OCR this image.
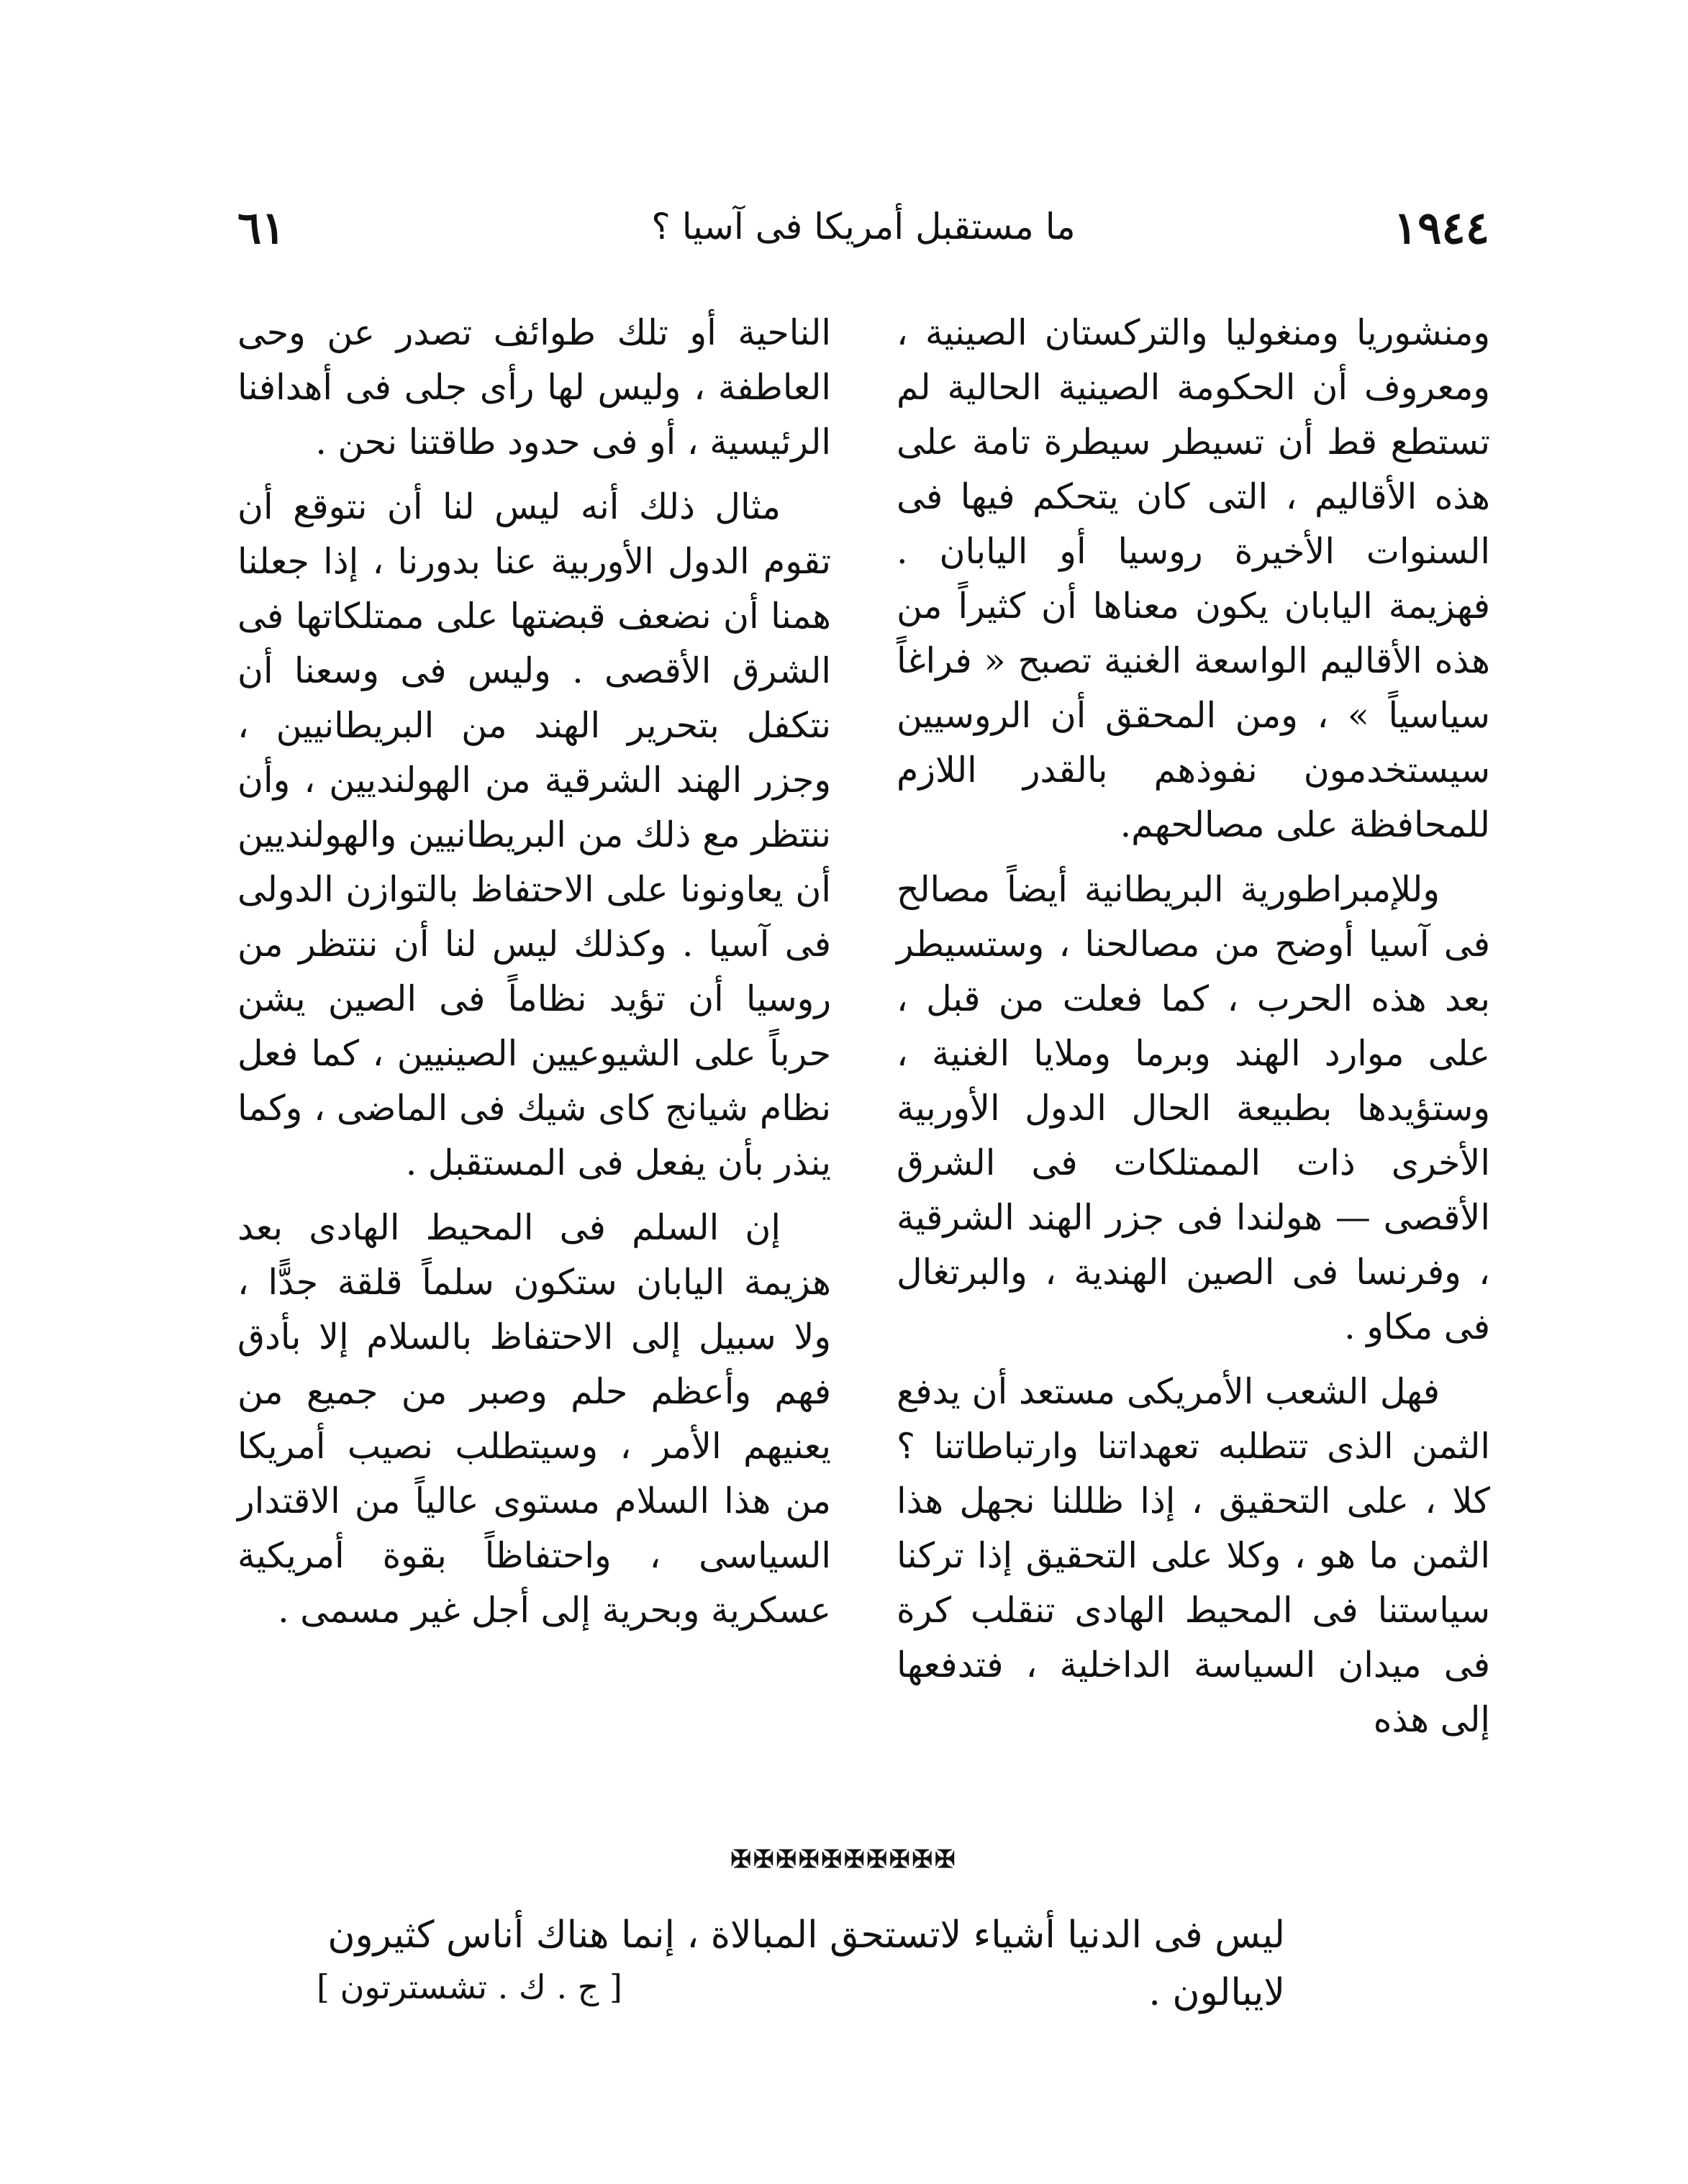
١٩٤٤
ما مستقبل أمريكا فى آسيا ؟
٦١

ومنشوريا ومنغوليا والتركستان الصينية ، ومعروف أن الحكومة الصينية الحالية لم تستطع قط أن تسيطر سيطرة تامة على هذه الأقاليم ، التى كان يتحكم فيها فى السنوات الأخيرة روسيا أو اليابان . فهزيمة اليابان يكون معناها أن كثيراً من هذه الأقاليم الواسعة الغنية تصبح « فراغاً سياسياً » ، ومن المحقق أن الروسيين سيستخدمون نفوذهم بالقدر اللازم للمحافظة على مصالحهم.

وللإمبراطورية البريطانية أيضاً مصالح فى آسيا أوضح من مصالحنا ، وستسيطر بعد هذه الحرب ، كما فعلت من قبل ، على موارد الهند وبرما وملايا الغنية ، وستؤيدها بطبيعة الحال الدول الأوربية الأخرى ذات الممتلكات فى الشرق الأقصى — هولندا فى جزر الهند الشرقية ، وفرنسا فى الصين الهندية ، والبرتغال فى مكاو .

فهل الشعب الأمريكى مستعد أن يدفع الثمن الذى تتطلبه تعهداتنا وارتباطاتنا ؟ كلا ، على التحقيق ، إذا ظللنا نجهل هذا الثمن ما هو ، وكلا على التحقيق إذا تركنا سياستنا فى المحيط الهادى تنقلب كرة فى ميدان السياسة الداخلية ، فتدفعها إلى هذه

الناحية أو تلك طوائف تصدر عن وحى العاطفة ، وليس لها رأى جلى فى أهدافنا الرئيسية ، أو فى حدود طاقتنا نحن .

مثال ذلك أنه ليس لنا أن نتوقع أن تقوم الدول الأوربية عنا بدورنا ، إذا جعلنا همنا أن نضعف قبضتها على ممتلكاتها فى الشرق الأقصى . وليس فى وسعنا أن نتكفل بتحرير الهند من البريطانيين ، وجزر الهند الشرقية من الهولنديين ، وأن ننتظر مع ذلك من البريطانيين والهولنديين أن يعاونونا على الاحتفاظ بالتوازن الدولى فى آسيا . وكذلك ليس لنا أن ننتظر من روسيا أن تؤيد نظاماً فى الصين يشن حرباً على الشيوعيين الصينيين ، كما فعل نظام شيانج كاى شيك فى الماضى ، وكما ينذر بأن يفعل فى المستقبل .

إن السلم فى المحيط الهادى بعد هزيمة اليابان ستكون سلماً قلقة جدًّا ، ولا سبيل إلى الاحتفاظ بالسلام إلا بأدق فهم وأعظم حلم وصبر من جميع من يعنيهم الأمر ، وسيتطلب نصيب أمريكا من هذا السلام مستوى عالياً من الاقتدار السياسى ، واحتفاظاً بقوة أمريكية عسكرية وبحرية إلى أجل غير مسمى .

✠✠✠✠✠✠✠✠✠✠
ليس فى الدنيا أشياء لاتستحق المبالاة ، إنما هناك أناس كثيرون لايبالون .
[ ج . ك . تشسترتون ]
